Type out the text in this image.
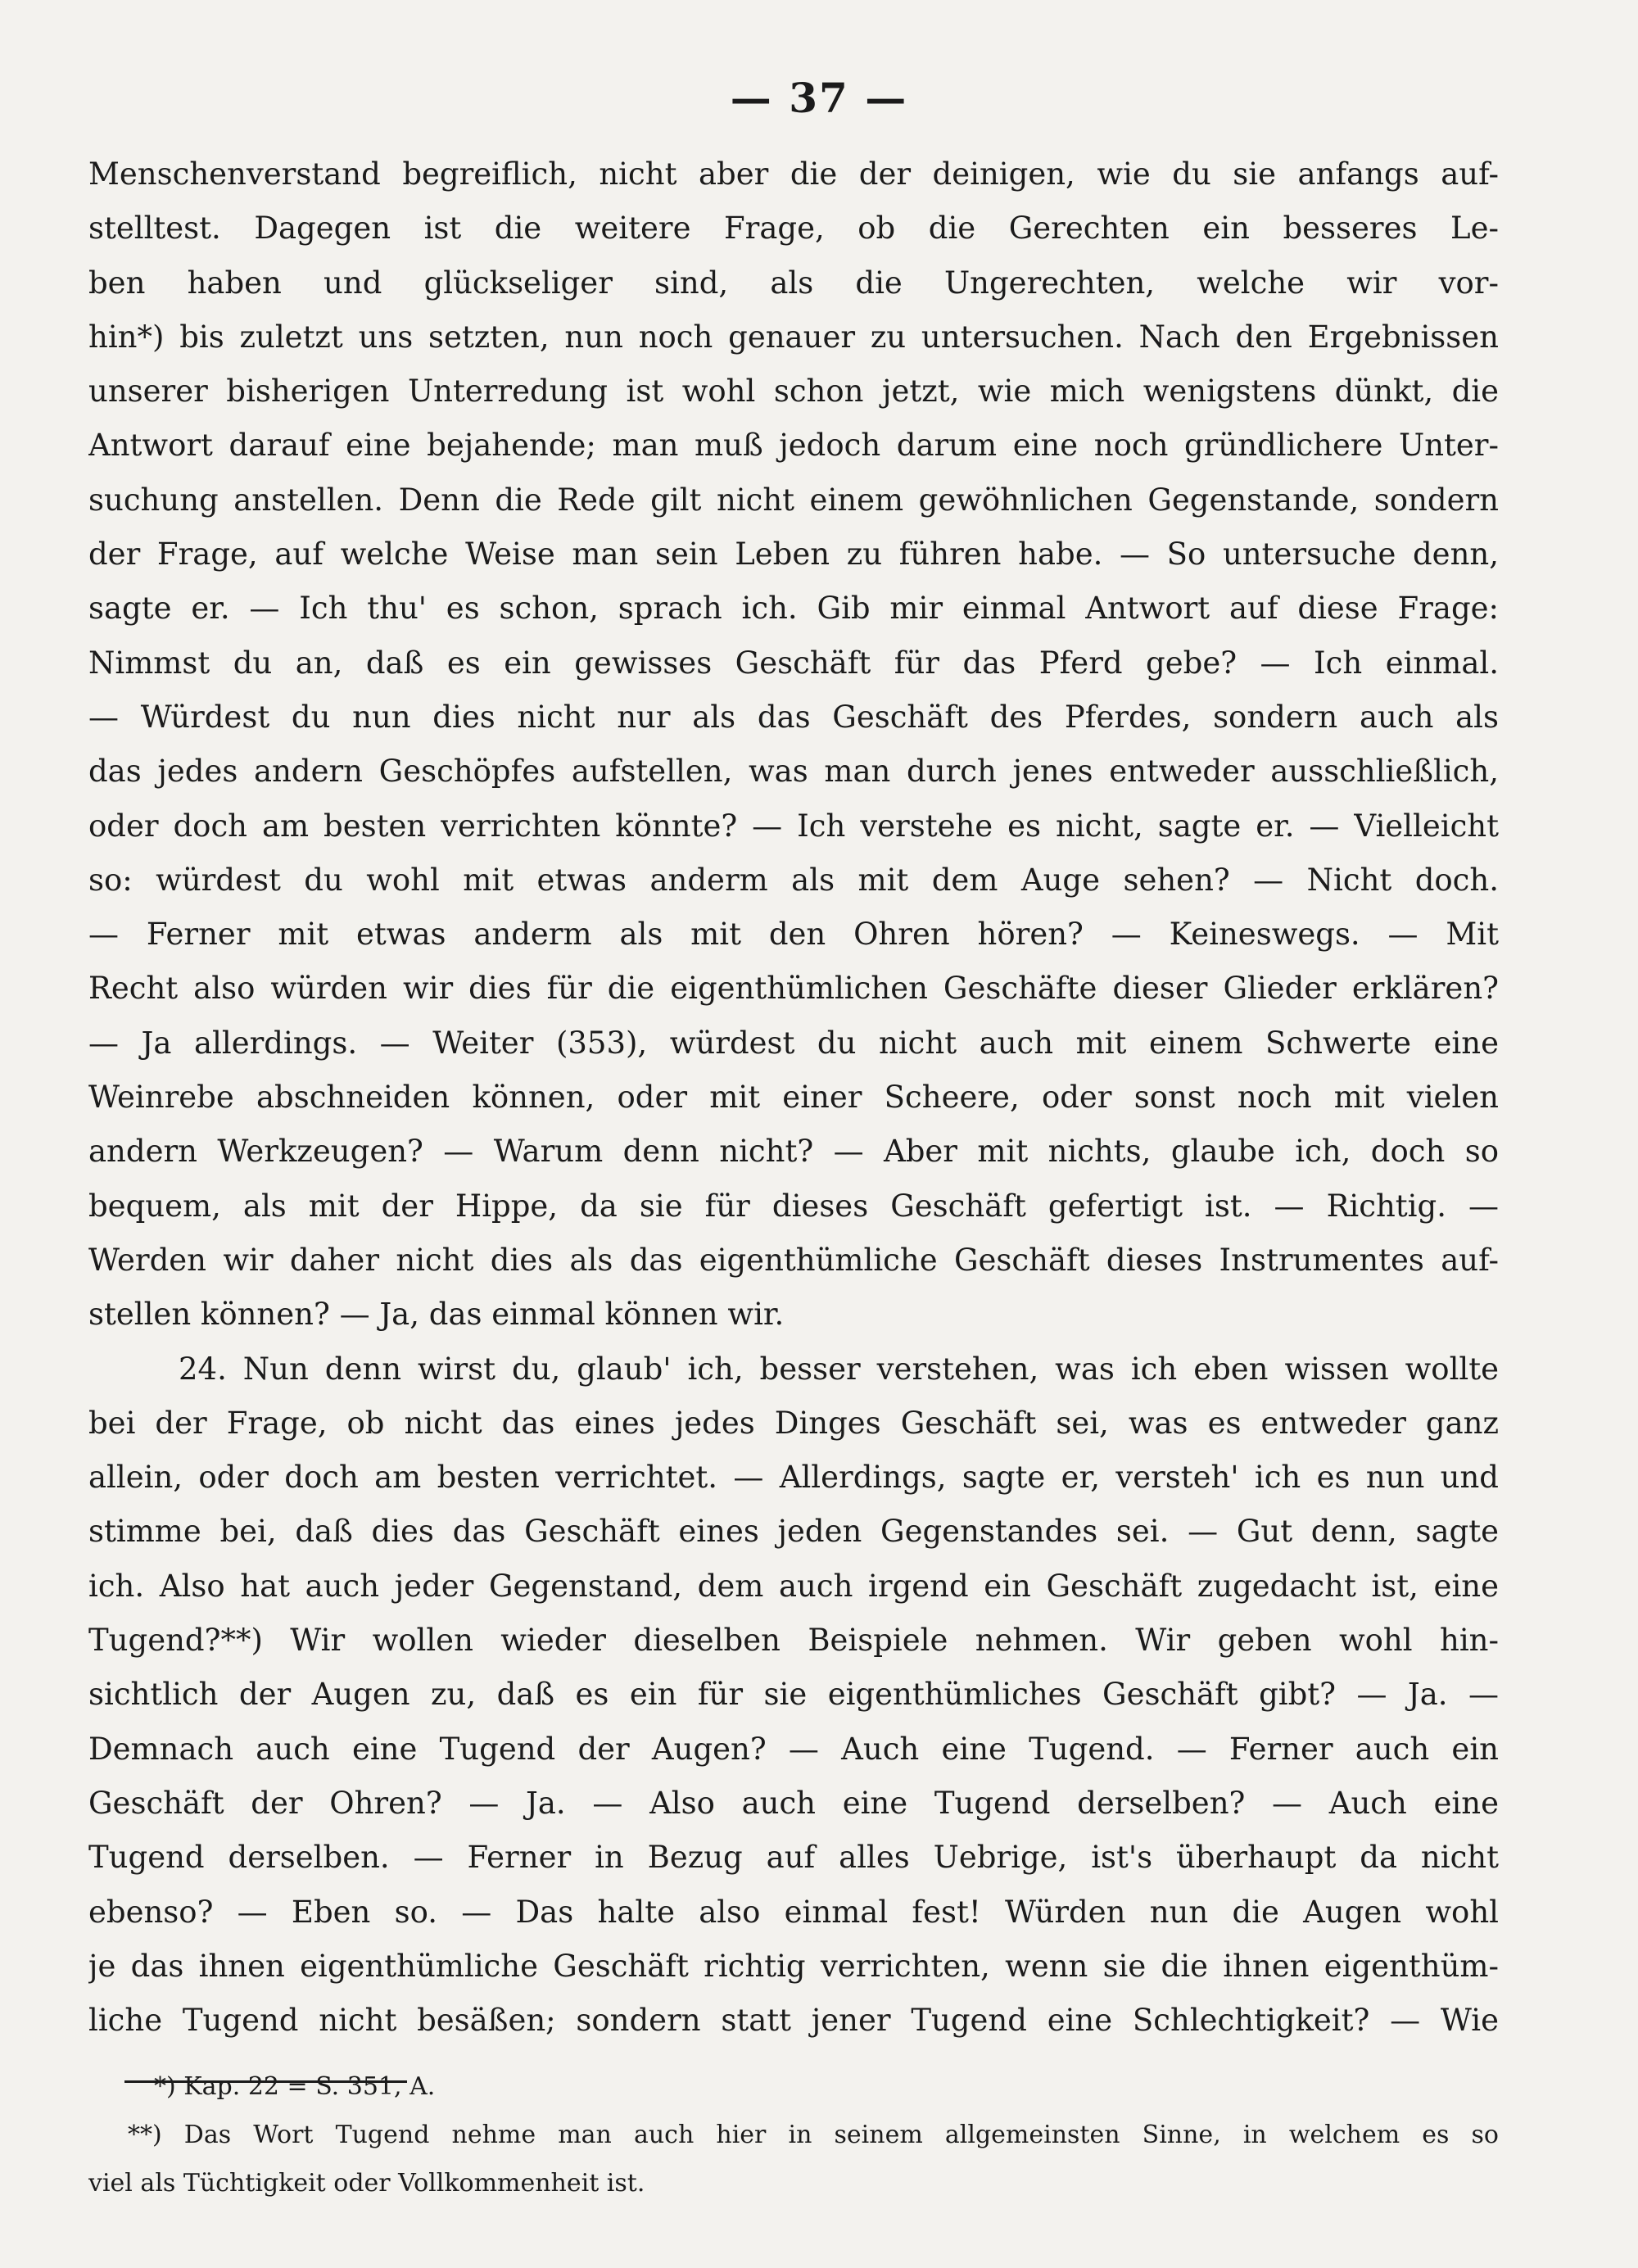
— 37 —
Menschenverstand begreiflich, nicht aber die der deinigen, wie du sie anfangs auf-
stelltest. Dagegen ist die weitere Frage, ob die Gerechten ein besseres Le-
ben haben und glückseliger sind, als die Ungerechten, welche wir vor-
hin*) bis zuletzt uns setzten, nun noch genauer zu untersuchen. Nach den Ergebnissen
unserer bisherigen Unterredung ist wohl schon jetzt, wie mich wenigstens dünkt, die
Antwort darauf eine bejahende; man muß jedoch darum eine noch gründlichere Unter-
suchung anstellen. Denn die Rede gilt nicht einem gewöhnlichen Gegenstande, sondern
der Frage, auf welche Weise man sein Leben zu führen habe. — So untersuche denn,
sagte er. — Ich thu' es schon, sprach ich. Gib mir einmal Antwort auf diese Frage:
Nimmst du an, daß es ein gewisses Geschäft für das Pferd gebe? — Ich einmal.
— Würdest du nun dies nicht nur als das Geschäft des Pferdes, sondern auch als
das jedes andern Geschöpfes aufstellen, was man durch jenes entweder ausschließlich,
oder doch am besten verrichten könnte? — Ich verstehe es nicht, sagte er. — Vielleicht
so: würdest du wohl mit etwas anderm als mit dem Auge sehen? — Nicht doch.
— Ferner mit etwas anderm als mit den Ohren hören? — Keineswegs. — Mit
Recht also würden wir dies für die eigenthümlichen Geschäfte dieser Glieder erklären?
— Ja allerdings. — Weiter (353), würdest du nicht auch mit einem Schwerte eine
Weinrebe abschneiden können, oder mit einer Scheere, oder sonst noch mit vielen
andern Werkzeugen? — Warum denn nicht? — Aber mit nichts, glaube ich, doch so
bequem, als mit der Hippe, da sie für dieses Geschäft gefertigt ist. — Richtig. —
Werden wir daher nicht dies als das eigenthümliche Geschäft dieses Instrumentes auf-
stellen können? — Ja, das einmal können wir.
24. Nun denn wirst du, glaub' ich, besser verstehen, was ich eben wissen wollte
bei der Frage, ob nicht das eines jedes Dinges Geschäft sei, was es entweder ganz
allein, oder doch am besten verrichtet. — Allerdings, sagte er, versteh' ich es nun und
stimme bei, daß dies das Geschäft eines jeden Gegenstandes sei. — Gut denn, sagte
ich. Also hat auch jeder Gegenstand, dem auch irgend ein Geschäft zugedacht ist, eine
Tugend?**) Wir wollen wieder dieselben Beispiele nehmen. Wir geben wohl hin-
sichtlich der Augen zu, daß es ein für sie eigenthümliches Geschäft gibt? — Ja. —
Demnach auch eine Tugend der Augen? — Auch eine Tugend. — Ferner auch ein
Geschäft der Ohren? — Ja. — Also auch eine Tugend derselben? — Auch eine
Tugend derselben. — Ferner in Bezug auf alles Uebrige, ist's überhaupt da nicht
ebenso? — Eben so. — Das halte also einmal fest! Würden nun die Augen wohl
je das ihnen eigenthümliche Geschäft richtig verrichten, wenn sie die ihnen eigenthüm-
liche Tugend nicht besäßen; sondern statt jener Tugend eine Schlechtigkeit? — Wie
*) Kap. 22 = S. 351, A.
**) Das Wort Tugend nehme man auch hier in seinem allgemeinsten Sinne, in welchem es so
viel als Tüchtigkeit oder Vollkommenheit ist.
